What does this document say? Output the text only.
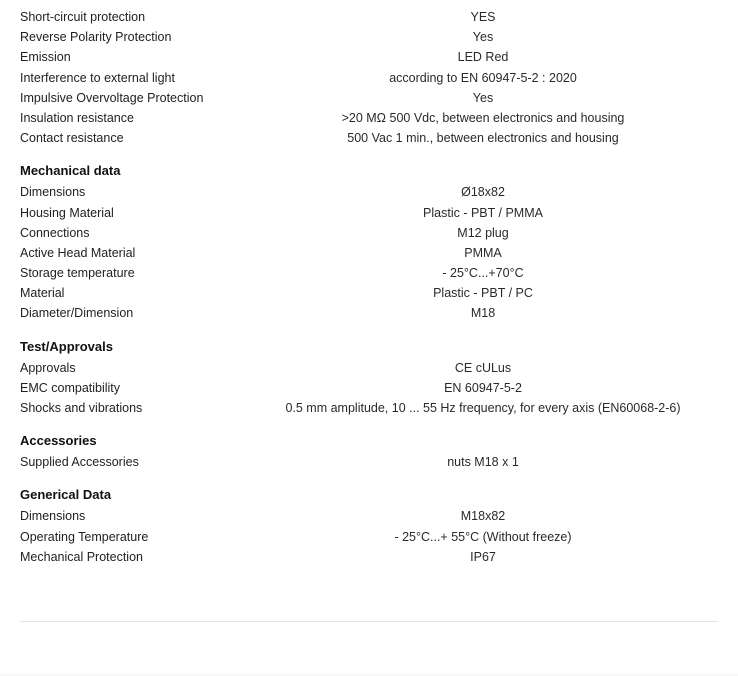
Short-circuit protection	YES
Reverse Polarity Protection	Yes
Emission	LED Red
Interference to external light	according to EN 60947-5-2 : 2020
Impulsive Overvoltage Protection	Yes
Insulation resistance	>20 MΩ 500 Vdc, between electronics and housing
Contact resistance	500 Vac 1 min., between electronics and housing
Mechanical data
Dimensions	Ø18x82
Housing Material	Plastic - PBT / PMMA
Connections	M12 plug
Active Head Material	PMMA
Storage temperature	- 25°C...+70°C
Material	Plastic - PBT / PC
Diameter/Dimension	M18
Test/Approvals
Approvals	CE cULus
EMC compatibility	EN 60947-5-2
Shocks and vibrations	0.5 mm amplitude, 10 ... 55 Hz frequency, for every axis (EN60068-2-6)
Accessories
Supplied Accessories	nuts M18 x 1
Generical Data
Dimensions	M18x82
Operating Temperature	- 25°C...+ 55°C (Without freeze)
Mechanical Protection	IP67
